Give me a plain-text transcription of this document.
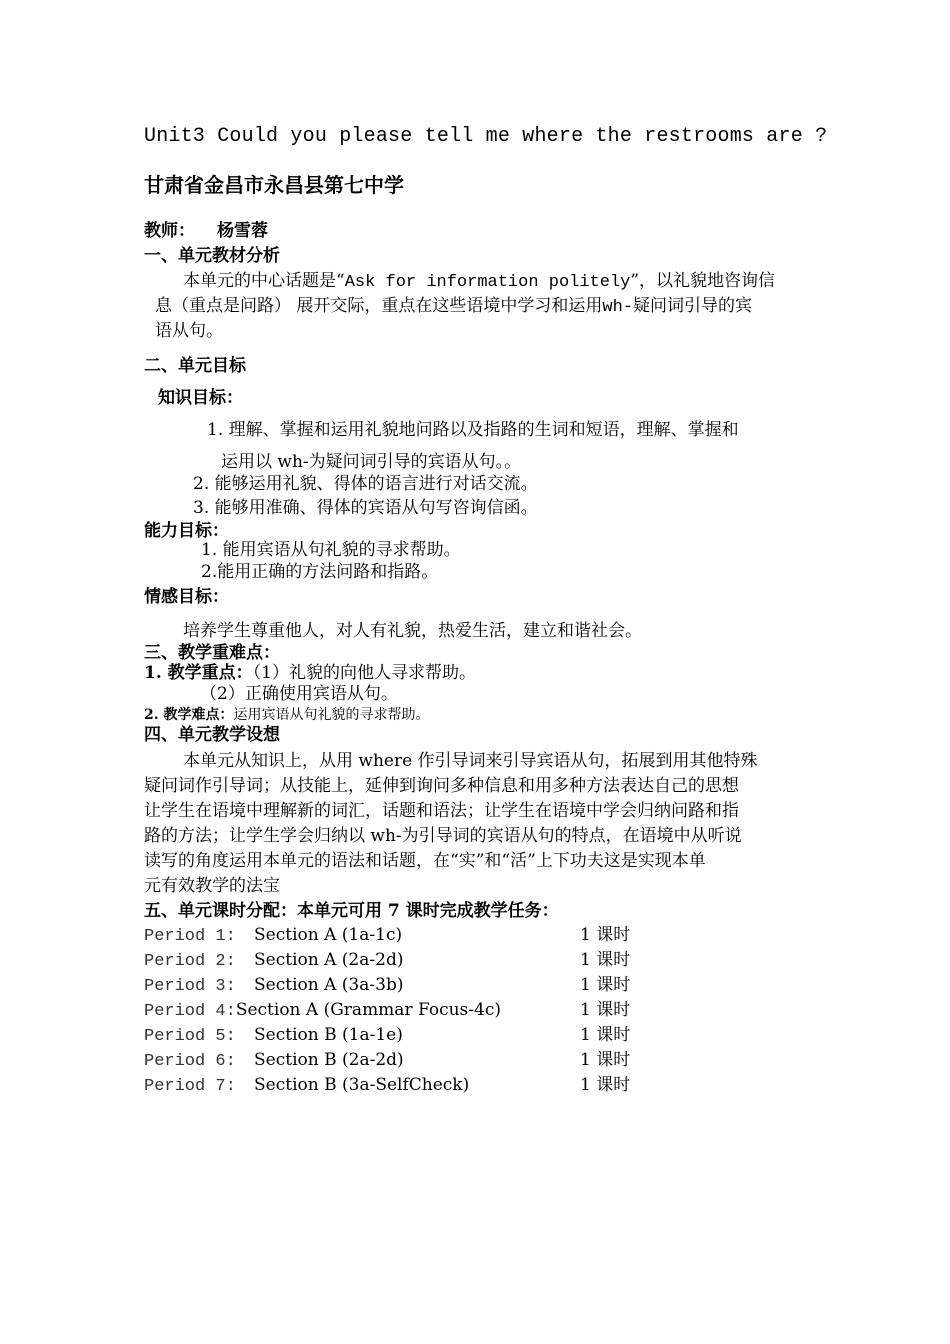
Unit3 Could you please tell me where the restrooms are ?
甘肃省金昌市永昌县第七中学
教师： 杨雪蓉
一、单元教材分析
本单元的中心话题是“Ask for information politely”，以礼貌地咨询信
息（重点是问路） 展开交际，重点在这些语境中学习和运用wh-疑问词引导的宾
语从句。
二、单元目标
知识目标：
1. 理解、掌握和运用礼貌地问路以及指路的生词和短语，理解、掌握和
运用以 wh-为疑问词引导的宾语从句。。
2. 能够运用礼貌、得体的语言进行对话交流。
3. 能够用准确、得体的宾语从句写咨询信函。
能力目标：
1. 能用宾语从句礼貌的寻求帮助。
2.能用正确的方法问路和指路。
情感目标：
培养学生尊重他人，对人有礼貌，热爱生活，建立和谐社会。
三、教学重难点：
1. 教学重点：（1）礼貌的向他人寻求帮助。
（2）正确使用宾语从句。
2. 教学难点：运用宾语从句礼貌的寻求帮助。
四、单元教学设想
本单元从知识上，从用 where 作引导词来引导宾语从句，拓展到用其他特殊
疑问词作引导词；从技能上，延伸到询问多种信息和用多种方法表达自己的思想
让学生在语境中理解新的词汇，话题和语法；让学生在语境中学会归纳问路和指
路的方法；让学生学会归纳以 wh-为引导词的宾语从句的特点，在语境中从听说
读写的角度运用本单元的语法和话题，在“实”和“活”上下功夫这是实现本单
元有效教学的法宝
五、单元课时分配：本单元可用 7 课时完成教学任务：
Period 1: Section A (1a-1c)	1 课时
Period 2: Section A (2a-2d)	1 课时
Period 3: Section A (3a-3b)	1 课时
Period 4:Section A (Grammar Focus-4c)	1 课时
Period 5: Section B (1a-1e)	1 课时
Period 6: Section B (2a-2d)	1 课时
Period 7: Section B (3a-SelfCheck)	1 课时
